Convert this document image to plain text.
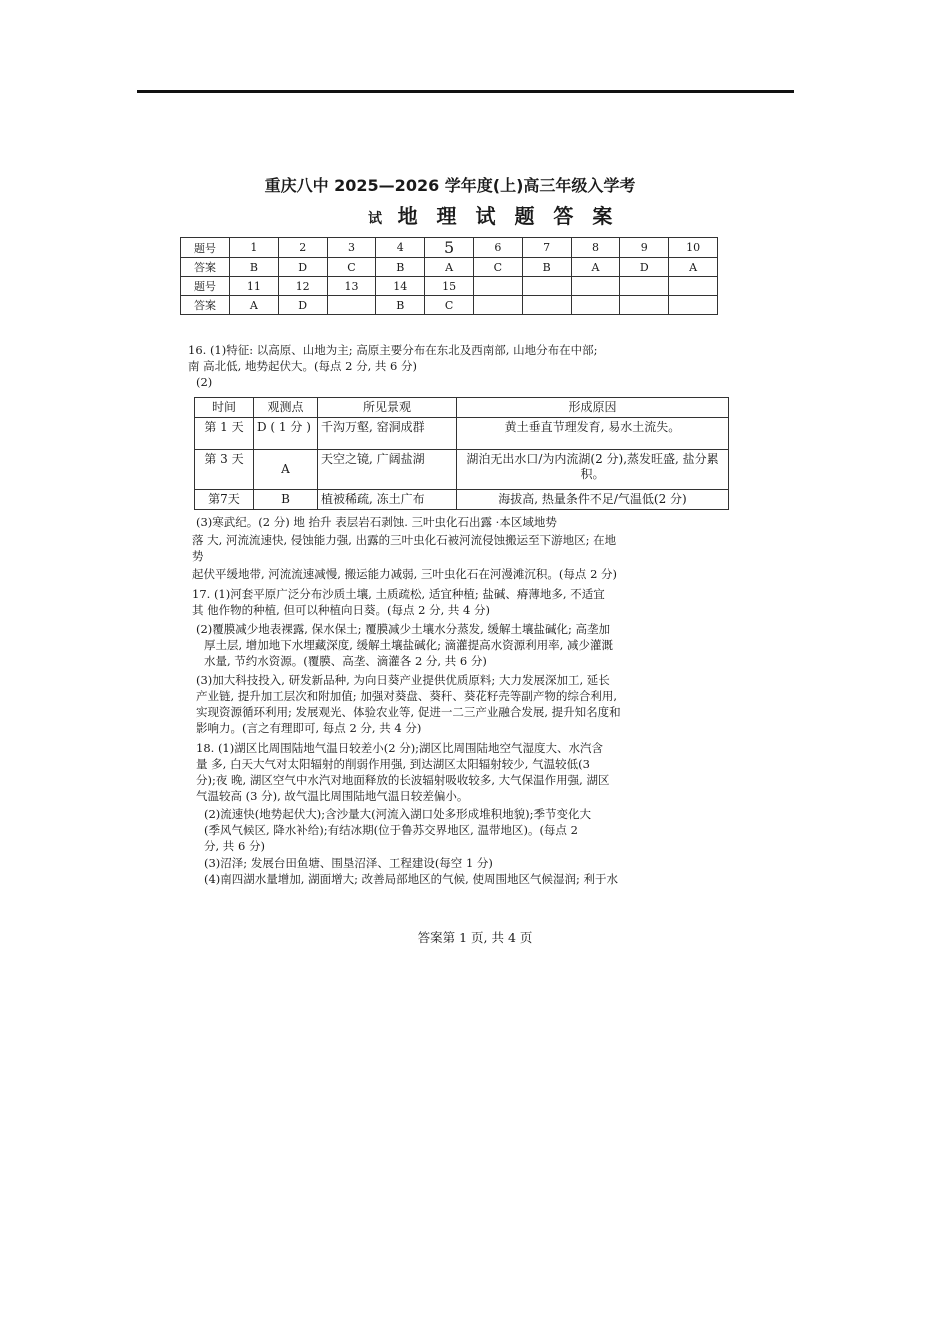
重庆八中 2025—2026 学年度(上)高三年级入学考
试 地 理 试 题 答 案
题号	1	2	3	4	5	6	7	8	9	10
答案	B	D	C	B	A	C	B	A	D	A
题号	11	12	13	14	15					
答案	A	D		B	C					
16. (1)特征: 以高原、山地为主; 高原主要分布在东北及西南部, 山地分布在中部;
南 高北低, 地势起伏大。(每点 2 分, 共 6 分)
(2)
时间	观测点	所见景观	形成原因
第 1 天	D ( 1 分 )	千沟万壑, 窑洞成群	黄土垂直节理发育, 易水土流失。
第 3 天	A	天空之镜, 广阔盐湖	湖泊无出水口/为内流湖(2 分),蒸发旺盛, 盐分累积。
第7天	B	植被稀疏, 冻土广布	海拔高, 热量条件不足/气温低(2 分)
(3)寒武纪。(2 分) 地 抬升 表层岩石剥蚀. 三叶虫化石出露 ·本区域地势
落 大, 河流流速快, 侵蚀能力强, 出露的三叶虫化石被河流侵蚀搬运至下游地区; 在地
势
起伏平缓地带, 河流流速减慢, 搬运能力减弱, 三叶虫化石在河漫滩沉积。(每点 2 分)
17. (1)河套平原广泛分布沙质土壤, 土质疏松, 适宜种植; 盐碱、瘠薄地多, 不适宜
其 他作物的种植, 但可以种植向日葵。(每点 2 分, 共 4 分)
(2)覆膜减少地表裸露, 保水保土; 覆膜减少土壤水分蒸发, 缓解土壤盐碱化; 高垄加
厚土层, 增加地下水埋藏深度, 缓解土壤盐碱化; 滴灌提高水资源利用率, 减少灌溉
水量, 节约水资源。(覆膜、高垄、滴灌各 2 分, 共 6 分)
(3)加大科技投入, 研发新品种, 为向日葵产业提供优质原料; 大力发展深加工, 延长
产业链, 提升加工层次和附加值; 加强对葵盘、葵秆、葵花籽壳等副产物的综合利用,
实现资源循环利用; 发展观光、体验农业等, 促进一二三产业融合发展, 提升知名度和
影响力。(言之有理即可, 每点 2 分, 共 4 分)
18. (1)湖区比周围陆地气温日较差小(2 分);湖区比周围陆地空气湿度大、水汽含
量 多, 白天大气对太阳辐射的削弱作用强, 到达湖区太阳辐射较少, 气温较低(3
分);夜 晚, 湖区空气中水汽对地面释放的长波辐射吸收较多, 大气保温作用强, 湖区
气温较高 (3 分), 故气温比周围陆地气温日较差偏小。
(2)流速快(地势起伏大);含沙量大(河流入湖口处多形成堆积地貌);季节变化大
(季风气候区, 降水补给);有结冰期(位于鲁苏交界地区, 温带地区)。(每点 2
分, 共 6 分)
(3)沼泽; 发展台田鱼塘、围垦沼泽、工程建设(每空 1 分)
(4)南四湖水量增加, 湖面增大; 改善局部地区的气候, 使周围地区气候湿润; 利于水
答案第 1 页, 共 4 页
